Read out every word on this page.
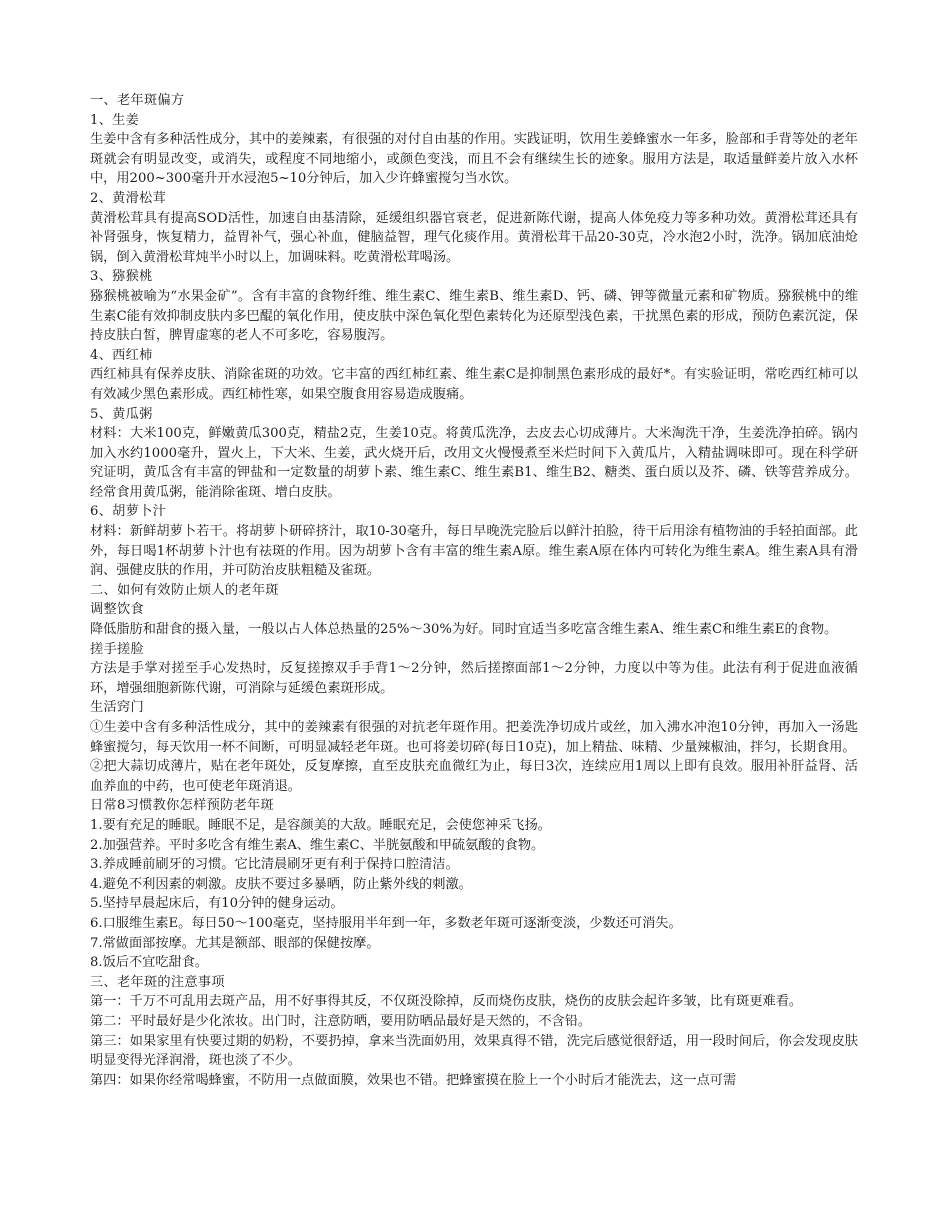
一、老年斑偏方

1、生姜

生姜中含有多种活性成分，其中的姜辣素，有很强的对付自由基的作用。实践证明，饮用生姜蜂蜜水一年多，脸部和手背等处的老年斑就会有明显改变，或消失，或程度不同地缩小，或颜色变浅，而且不会有继续生长的迹象。服用方法是，取适量鲜姜片放入水杯中，用200~300毫升开水浸泡5~10分钟后，加入少许蜂蜜搅匀当水饮。

2、黄滑松茸

黄滑松茸具有提高SOD活性，加速自由基清除，延缓组织器官衰老，促进新陈代谢，提高人体免疫力等多种功效。黄滑松茸还具有补肾强身，恢复精力，益胃补气，强心补血，健脑益智，理气化痰作用。黄滑松茸干品20-30克，冷水泡2小时，洗净。锅加底油炝锅，倒入黄滑松茸炖半小时以上，加调味料。吃黄滑松茸喝汤。

3、猕猴桃

猕猴桃被喻为“水果金矿”。含有丰富的食物纤维、维生素C、维生素B、维生素D、钙、磷、钾等微量元素和矿物质。猕猴桃中的维生素C能有效抑制皮肤内多巴醌的氧化作用，使皮肤中深色氧化型色素转化为还原型浅色素，干扰黑色素的形成，预防色素沉淀，保持皮肤白皙，脾胃虚寒的老人不可多吃，容易腹泻。

4、西红柿

西红柿具有保养皮肤、消除雀斑的功效。它丰富的西红柿红素、维生素C是抑制黑色素形成的最好*。有实验证明，常吃西红柿可以有效减少黑色素形成。西红柿性寒，如果空腹食用容易造成腹痛。

5、黄瓜粥

材料：大米100克，鲜嫩黄瓜300克，精盐2克，生姜10克。将黄瓜洗净，去皮去心切成薄片。大米淘洗干净，生姜洗净拍碎。锅内加入水约1000毫升，置火上，下大米、生姜，武火烧开后，改用文火慢慢煮至米烂时间下入黄瓜片，入精盐调味即可。现在科学研究证明，黄瓜含有丰富的钾盐和一定数量的胡萝卜素、维生素C、维生素B1、维生B2、糖类、蛋白质以及芥、磷、铁等营养成分。经常食用黄瓜粥，能消除雀斑、增白皮肤。

6、胡萝卜汁

材料：新鲜胡萝卜若干。将胡萝卜研碎挤汁，取10-30毫升，每日早晚洗完脸后以鲜汁拍脸，待干后用涂有植物油的手轻拍面部。此外，每日喝1杯胡萝卜汁也有祛斑的作用。因为胡萝卜含有丰富的维生素A原。维生素A原在体内可转化为维生素A。维生素A具有滑润、强健皮肤的作用，并可防治皮肤粗糙及雀斑。

二、如何有效防止烦人的老年斑

调整饮食

降低脂肪和甜食的摄入量，一般以占人体总热量的25%～30%为好。同时宜适当多吃富含维生素A、维生素C和维生素E的食物。

搓手搓脸

方法是手掌对搓至手心发热时，反复搓擦双手手背1～2分钟，然后搓擦面部1～2分钟，力度以中等为佳。此法有利于促进血液循环，增强细胞新陈代谢，可消除与延缓色素斑形成。

生活窍门

①生姜中含有多种活性成分，其中的姜辣素有很强的对抗老年斑作用。把姜洗净切成片或丝，加入沸水冲泡10分钟，再加入一汤匙蜂蜜搅匀，每天饮用一杯不间断，可明显减轻老年斑。也可将姜切碎(每日10克)，加上精盐、味精、少量辣椒油，拌匀，长期食用。

②把大蒜切成薄片，贴在老年斑处，反复摩擦，直至皮肤充血微红为止，每日3次，连续应用1周以上即有良效。服用补肝益肾、活血养血的中药，也可使老年斑消退。

日常8习惯教你怎样预防老年斑

1.要有充足的睡眠。睡眠不足，是容颜美的大敌。睡眠充足，会使您神采飞扬。

2.加强营养。平时多吃含有维生素A、维生素C、半胱氨酸和甲硫氨酸的食物。

3.养成睡前刷牙的习惯。它比清晨刷牙更有利于保持口腔清洁。

4.避免不利因素的刺激。皮肤不要过多暴晒，防止紫外线的刺激。

5.坚持早晨起床后，有10分钟的健身运动。

6.口服维生素E。每日50～100毫克，坚持服用半年到一年，多数老年斑可逐渐变淡，少数还可消失。

7.常做面部按摩。尤其是额部、眼部的保健按摩。

8.饭后不宜吃甜食。

三、老年斑的注意事项

第一：千万不可乱用去斑产品，用不好事得其反，不仅斑没除掉，反而烧伤皮肤，烧伤的皮肤会起许多皱，比有斑更难看。

第二：平时最好是少化浓妆。出门时，注意防晒，要用防晒品最好是天然的，不含铅。

第三：如果家里有快要过期的奶粉，不要扔掉，拿来当洗面奶用，效果真得不错，洗完后感觉很舒适，用一段时间后，你会发现皮肤明显变得光泽润滑，斑也淡了不少。

第四：如果你经常喝蜂蜜，不防用一点做面膜，效果也不错。把蜂蜜摸在脸上一个小时后才能洗去，这一点可需
